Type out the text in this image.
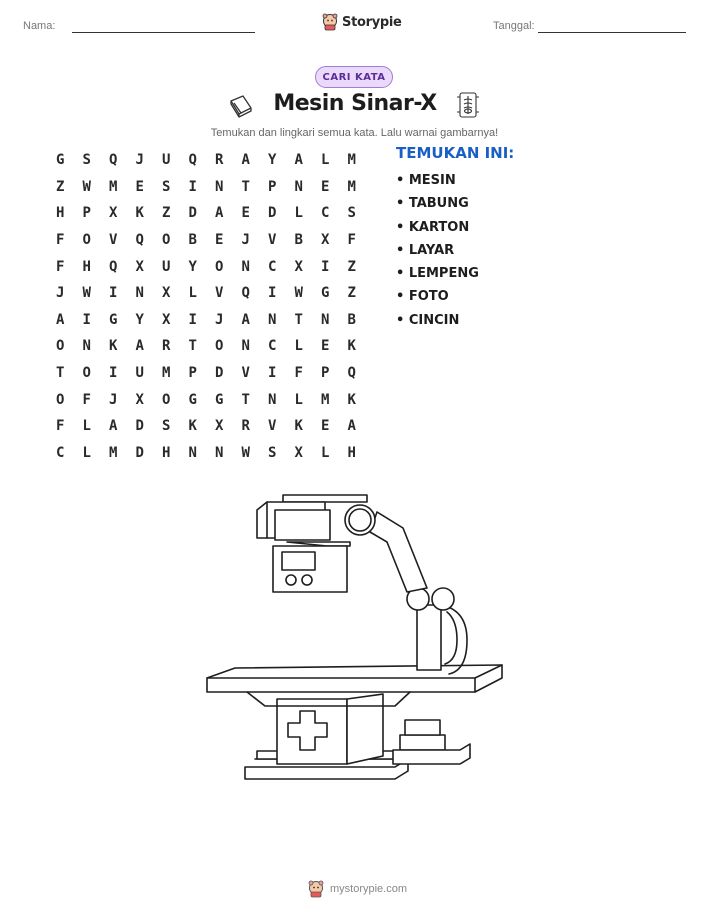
Nama:	Storypie	Tanggal:
CARI KATA
Mesin Sinar-X
Temukan dan lingkari semua kata. Lalu warnai gambarnya!
G	S	Q	J	U	Q	R	A	Y	A	L	M
Z	W	M	E	S	I	N	T	P	N	E	M
H	P	X	K	Z	D	A	E	D	L	C	S
F	O	V	Q	O	B	E	J	V	B	X	F
F	H	Q	X	U	Y	O	N	C	X	I	Z
J	W	I	N	X	L	V	Q	I	W	G	Z
A	I	G	Y	X	I	J	A	N	T	N	B
O	N	K	A	R	T	O	N	C	L	E	K
T	O	I	U	M	P	D	V	I	F	P	Q
O	F	J	X	O	G	G	T	N	L	M	K
F	L	A	D	S	K	X	R	V	K	E	A
C	L	M	D	H	N	N	W	S	X	L	H
TEMUKAN INI:
• MESIN
• TABUNG
• KARTON
• LAYAR
• LEMPENG
• FOTO
• CINCIN
mystorypie.com
